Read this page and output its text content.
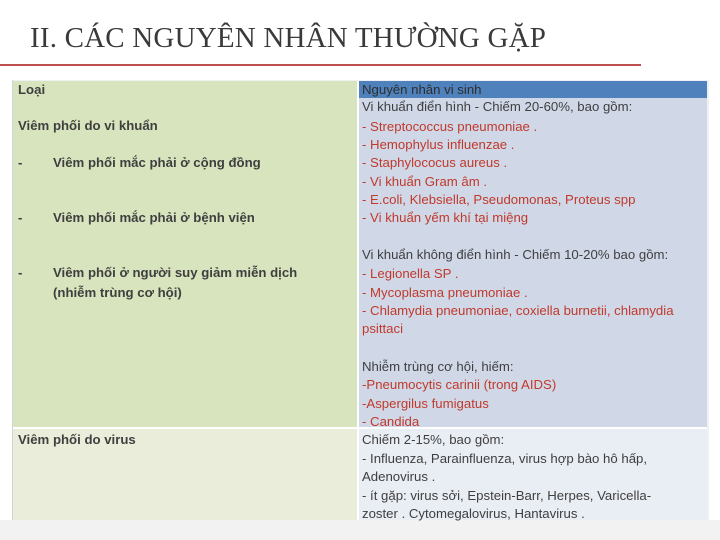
II. CÁC NGUYÊN NHÂN THƯỜNG GẶP
Loại	Nguyên nhân vi sinh
Viêm phối do vi khuẩn
- Viêm phối mắc phải ở cộng đồng
- Viêm phối mắc phải ở bệnh viện
- Viêm phối ở người suy giảm miễn dịch
(nhiễm trùng cơ hội)
Vi khuẩn điển hình - Chiếm 20-60%, bao gồm:
- Streptococcus pneumoniae .
- Hemophylus influenzae .
- Staphylococus aureus .
- Vi khuẩn Gram âm .
- E.coli, Klebsiella, Pseudomonas, Proteus spp
- Vi khuẩn yếm khí tại miệng
Vi khuẩn không điển hình - Chiếm 10-20% bao gồm:
- Legionella SP .
- Mycoplasma pneumoniae .
- Chlamydia pneumoniae, coxiella burnetii, chlamydia
psittaci
Nhiễm trùng cơ hội, hiếm:
-Pneumocytis carinii (trong AIDS)
-Aspergilus fumigatus
- Candida
Viêm phối do virus	Chiếm 2-15%, bao gồm:
- Influenza, Parainfluenza, virus hợp bào hô hấp,
Adenovirus .
- ít gặp: virus sởi, Epstein-Barr, Herpes, Varicella-
zoster . Cytomegalovirus, Hantavirus .
